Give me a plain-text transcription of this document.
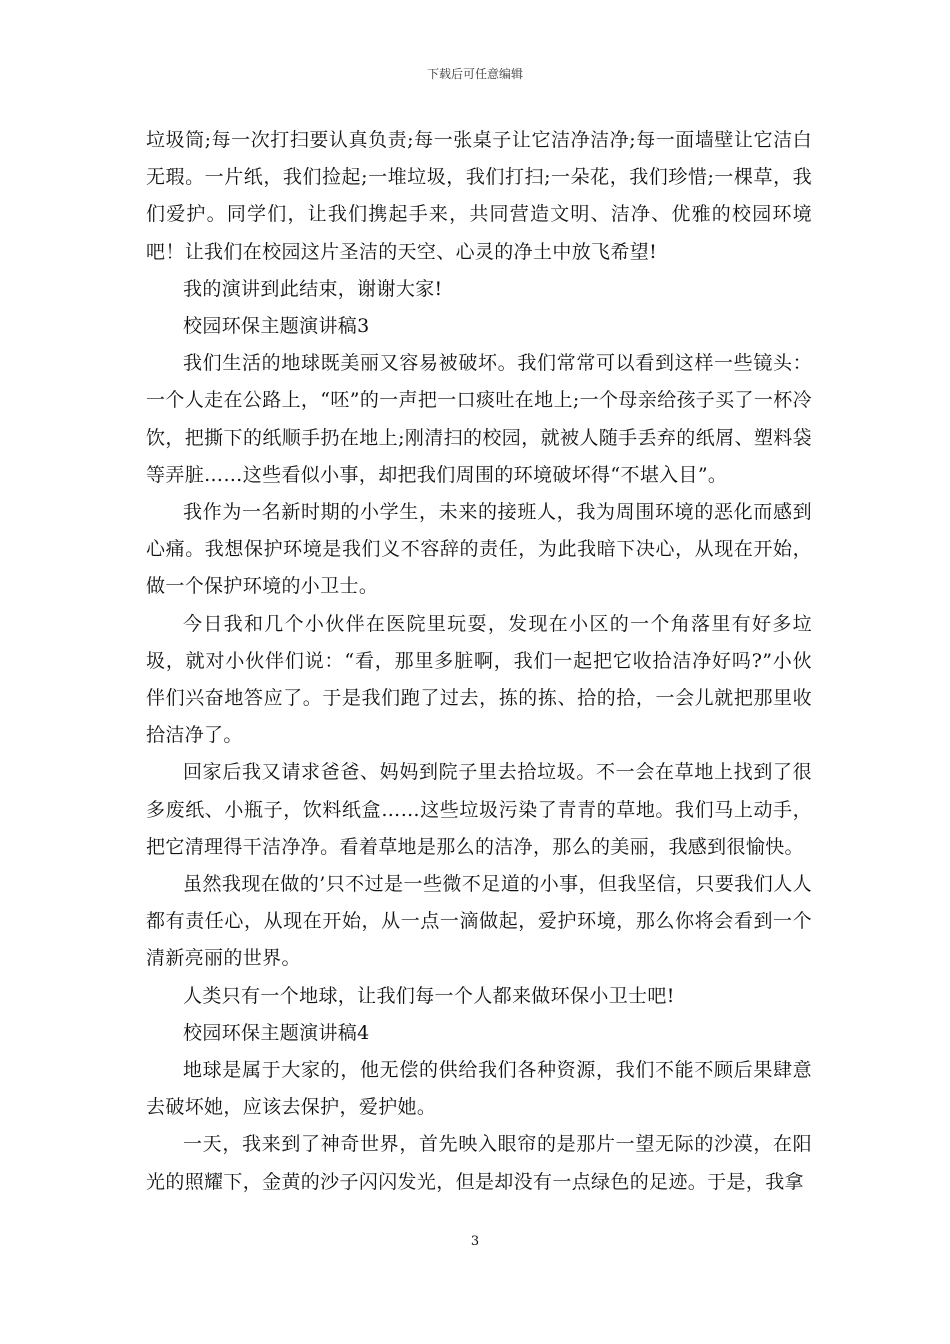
下载后可任意编辑

垃圾筒;每一次打扫要认真负责;每一张桌子让它洁净洁净;每一面墙壁让它洁白无瑕。一片纸，我们捡起;一堆垃圾，我们打扫;一朵花，我们珍惜;一棵草，我们爱护。同学们，让我们携起手来，共同营造文明、洁净、优雅的校园环境吧！让我们在校园这片圣洁的天空、心灵的净土中放飞希望!

我的演讲到此结束，谢谢大家!

校园环保主题演讲稿3

我们生活的地球既美丽又容易被破坏。我们常常可以看到这样一些镜头：一个人走在公路上，“呸”的一声把一口痰吐在地上;一个母亲给孩子买了一杯冷饮，把撕下的纸顺手扔在地上;刚清扫的校园，就被人随手丢弃的纸屑、塑料袋等弄脏……这些看似小事，却把我们周围的环境破坏得“不堪入目”。

我作为一名新时期的小学生，未来的接班人，我为周围环境的恶化而感到心痛。我想保护环境是我们义不容辞的责任，为此我暗下决心，从现在开始，做一个保护环境的小卫士。

今日我和几个小伙伴在医院里玩耍，发现在小区的一个角落里有好多垃圾，就对小伙伴们说：“看，那里多脏啊，我们一起把它收拾洁净好吗?”小伙伴们兴奋地答应了。于是我们跑了过去，拣的拣、拾的拾，一会儿就把那里收拾洁净了。

回家后我又请求爸爸、妈妈到院子里去拾垃圾。不一会在草地上找到了很多废纸、小瓶子，饮料纸盒……这些垃圾污染了青青的草地。我们马上动手，把它清理得干洁净净。看着草地是那么的洁净，那么的美丽，我感到很愉快。

虽然我现在做的’只不过是一些微不足道的小事，但我坚信，只要我们人人都有责任心，从现在开始，从一点一滴做起，爱护环境，那么你将会看到一个清新亮丽的世界。

人类只有一个地球，让我们每一个人都来做环保小卫士吧!

校园环保主题演讲稿4

地球是属于大家的，他无偿的供给我们各种资源，我们不能不顾后果肆意去破坏她，应该去保护，爱护她。

一天，我来到了神奇世界，首先映入眼帘的是那片一望无际的沙漠，在阳光的照耀下，金黄的沙子闪闪发光，但是却没有一点绿色的足迹。于是，我拿

3
